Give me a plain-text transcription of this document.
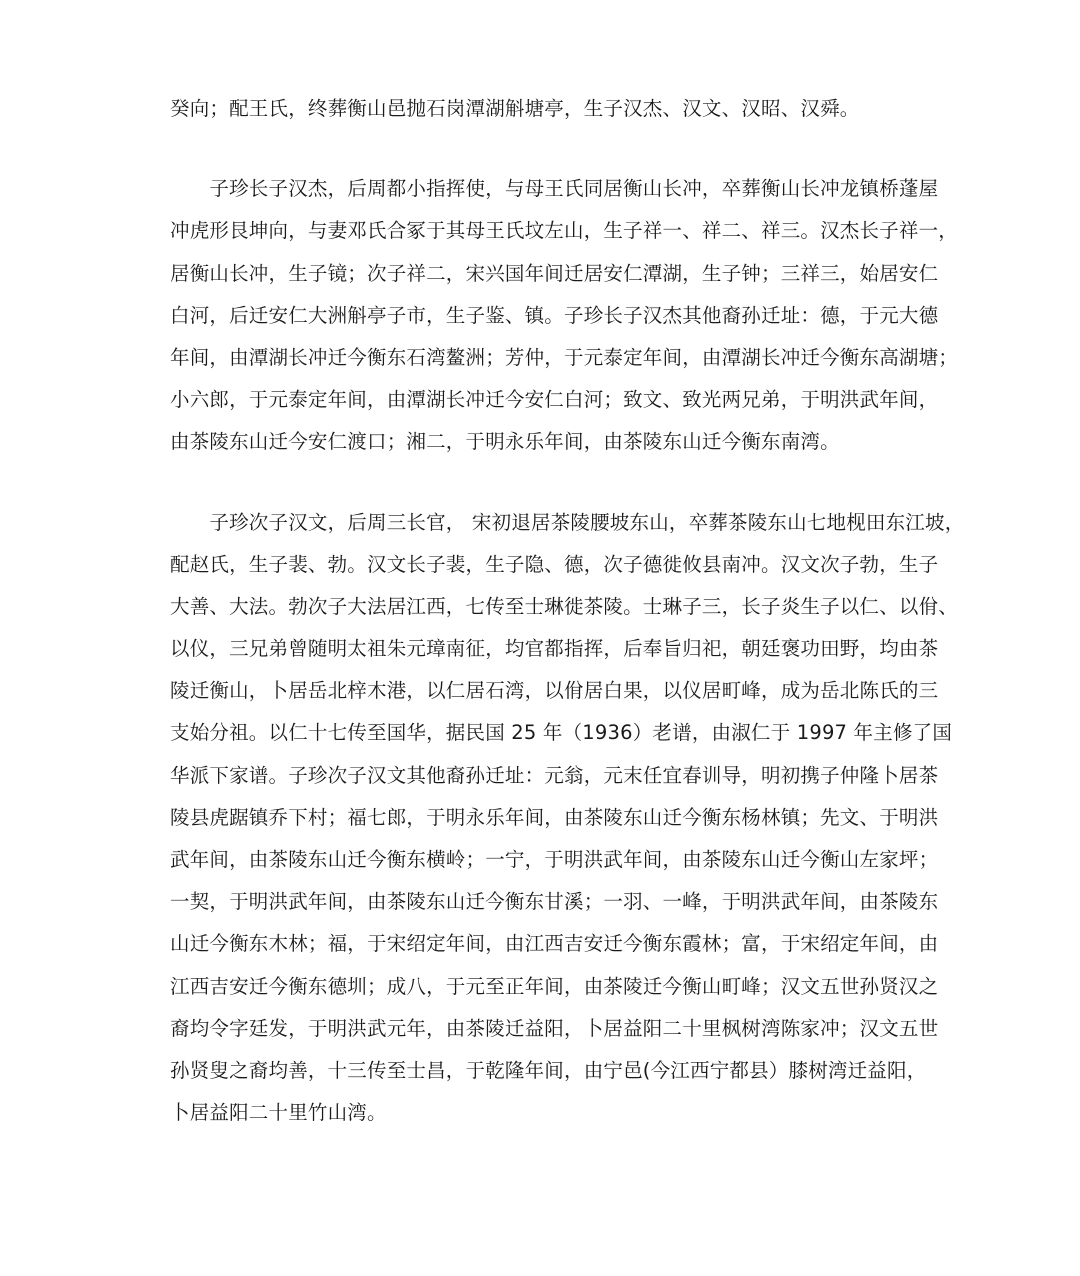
癸向；配王氏，终葬衡山邑抛石岗潭湖斛塘亭，生子汉杰、汉文、汉昭、汉舜。
　　子珍长子汉杰，后周都小指挥使，与母王氏同居衡山长冲，卒葬衡山长冲龙镇桥蓬屋
冲虎形艮坤向，与妻邓氏合冢于其母王氏坟左山，生子祥一、祥二、祥三。汉杰长子祥一，
居衡山长冲，生子镜；次子祥二，宋兴国年间迁居安仁潭湖，生子钟；三祥三，始居安仁
白河，后迁安仁大洲斛亭子市，生子鉴、镇。子珍长子汉杰其他裔孙迁址：德，于元大德
年间，由潭湖长冲迁今衡东石湾鳌洲；芳仲，于元泰定年间，由潭湖长冲迁今衡东高湖塘；
小六郎，于元泰定年间，由潭湖长冲迁今安仁白河；致文、致光两兄弟，于明洪武年间，
由茶陵东山迁今安仁渡口；湘二，于明永乐年间，由茶陵东山迁今衡东南湾。
　　子珍次子汉文，后周三长官， 宋初退居茶陵腰坡东山，卒葬茶陵东山七地枧田东江坡，
配赵氏，生子裴、勃。汉文长子裴，生子隐、德，次子德徙攸县南冲。汉文次子勃，生子
大善、大法。勃次子大法居江西，七传至士琳徙茶陵。士琳子三，长子炎生子以仁、以佾、
以仪，三兄弟曾随明太祖朱元璋南征，均官都指挥，后奉旨归祀，朝廷褒功田野，均由茶
陵迁衡山，卜居岳北梓木港，以仁居石湾，以佾居白果，以仪居町峰，成为岳北陈氏的三
支始分祖。以仁十七传至国华，据民国 25 年（1936）老谱，由淑仁于 1997 年主修了国
华派下家谱。子珍次子汉文其他裔孙迁址：元翁，元末任宜春训导，明初携子仲隆卜居茶
陵县虎踞镇乔下村；福七郎，于明永乐年间，由茶陵东山迁今衡东杨林镇；先文、于明洪
武年间，由茶陵东山迁今衡东横岭；一宁，于明洪武年间，由茶陵东山迁今衡山左家坪；
一契，于明洪武年间，由茶陵东山迁今衡东甘溪；一羽、一峰，于明洪武年间，由茶陵东
山迁今衡东木林；福，于宋绍定年间，由江西吉安迁今衡东霞林；富，于宋绍定年间，由
江西吉安迁今衡东德圳；成八，于元至正年间，由茶陵迁今衡山町峰；汉文五世孙贤汉之
裔均令字廷发，于明洪武元年，由茶陵迁益阳，卜居益阳二十里枫树湾陈家冲；汉文五世
孙贤叟之裔均善，十三传至士昌，于乾隆年间，由宁邑(今江西宁都县）膝树湾迁益阳，
卜居益阳二十里竹山湾。
